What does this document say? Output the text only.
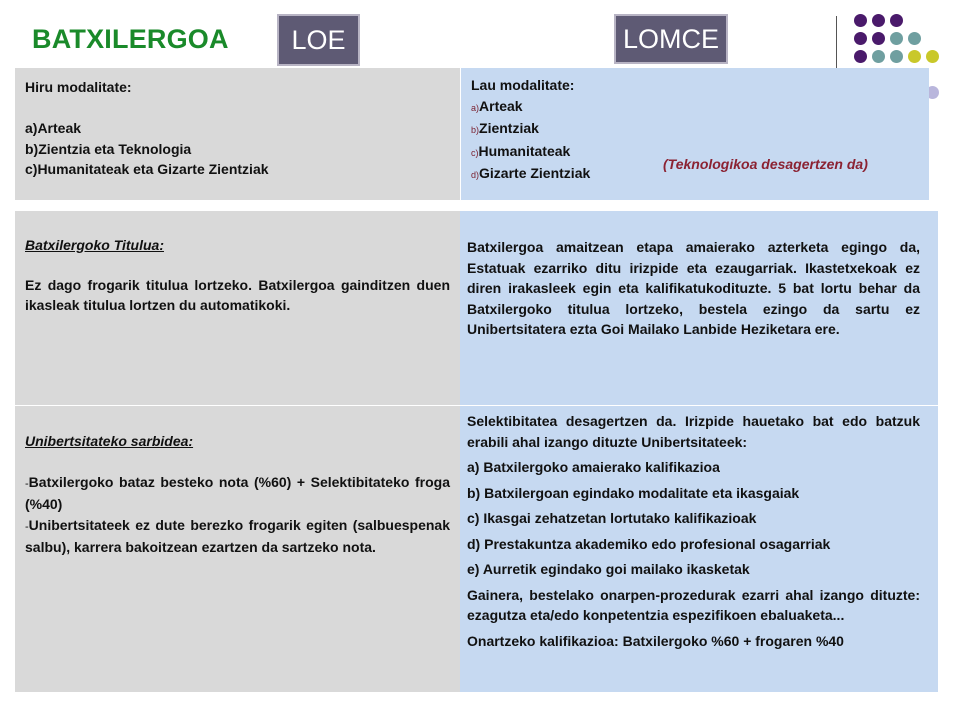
BATXILERGOA	LOE	LOMCE

Hiru modalitate:

a)Arteak
b)Zientzia eta Teknologia
c)Humanitateak eta Gizarte Zientziak

Lau modalitate:

a)Arteak
b)Zientziak
c)Humanitateak
d)Gizarte Zientziak
(Teknologikoa desagertzen da)

Batxilergoko Titulua:

Ez dago frogarik titulua lortzeko. Batxilergoa gainditzen duen ikasleak titulua lortzen du automatikoki.

Batxilergoa amaitzean etapa amaierako azterketa egingo da, Estatuak ezarriko ditu irizpide eta ezaugarriak. Ikastetxekoak ez diren irakasleek egin eta kalifikatukodituzte. 5 bat lortu behar da Batxilergoko titulua lortzeko, bestela ezingo da sartu ez Unibertsitatera ezta Goi Mailako Lanbide Heziketara ere.

Unibertsitateko sarbidea:

-Batxilergoko bataz besteko nota (%60) + Selektibitateko froga (%40)

-Unibertsitateek ez dute berezko frogarik egiten (salbuespenak salbu), karrera bakoitzean ezartzen da sartzeko nota.

Selektibitatea desagertzen da. Irizpide hauetako bat edo batzuk erabili ahal izango dituzte Unibertsitateek:

a) Batxilergoko amaierako kalifikazioa

b) Batxilergoan egindako modalitate eta ikasgaiak

c) Ikasgai zehatzetan lortutako kalifikazioak

d) Prestakuntza akademiko edo profesional osagarriak

e) Aurretik egindako goi mailako ikasketak

Gainera, bestelako onarpen-prozedurak ezarri ahal izango dituzte: ezagutza eta/edo konpetentzia espezifikoen ebaluaketa...

Onartzeko kalifikazioa: Batxilergoko %60 + frogaren %40
